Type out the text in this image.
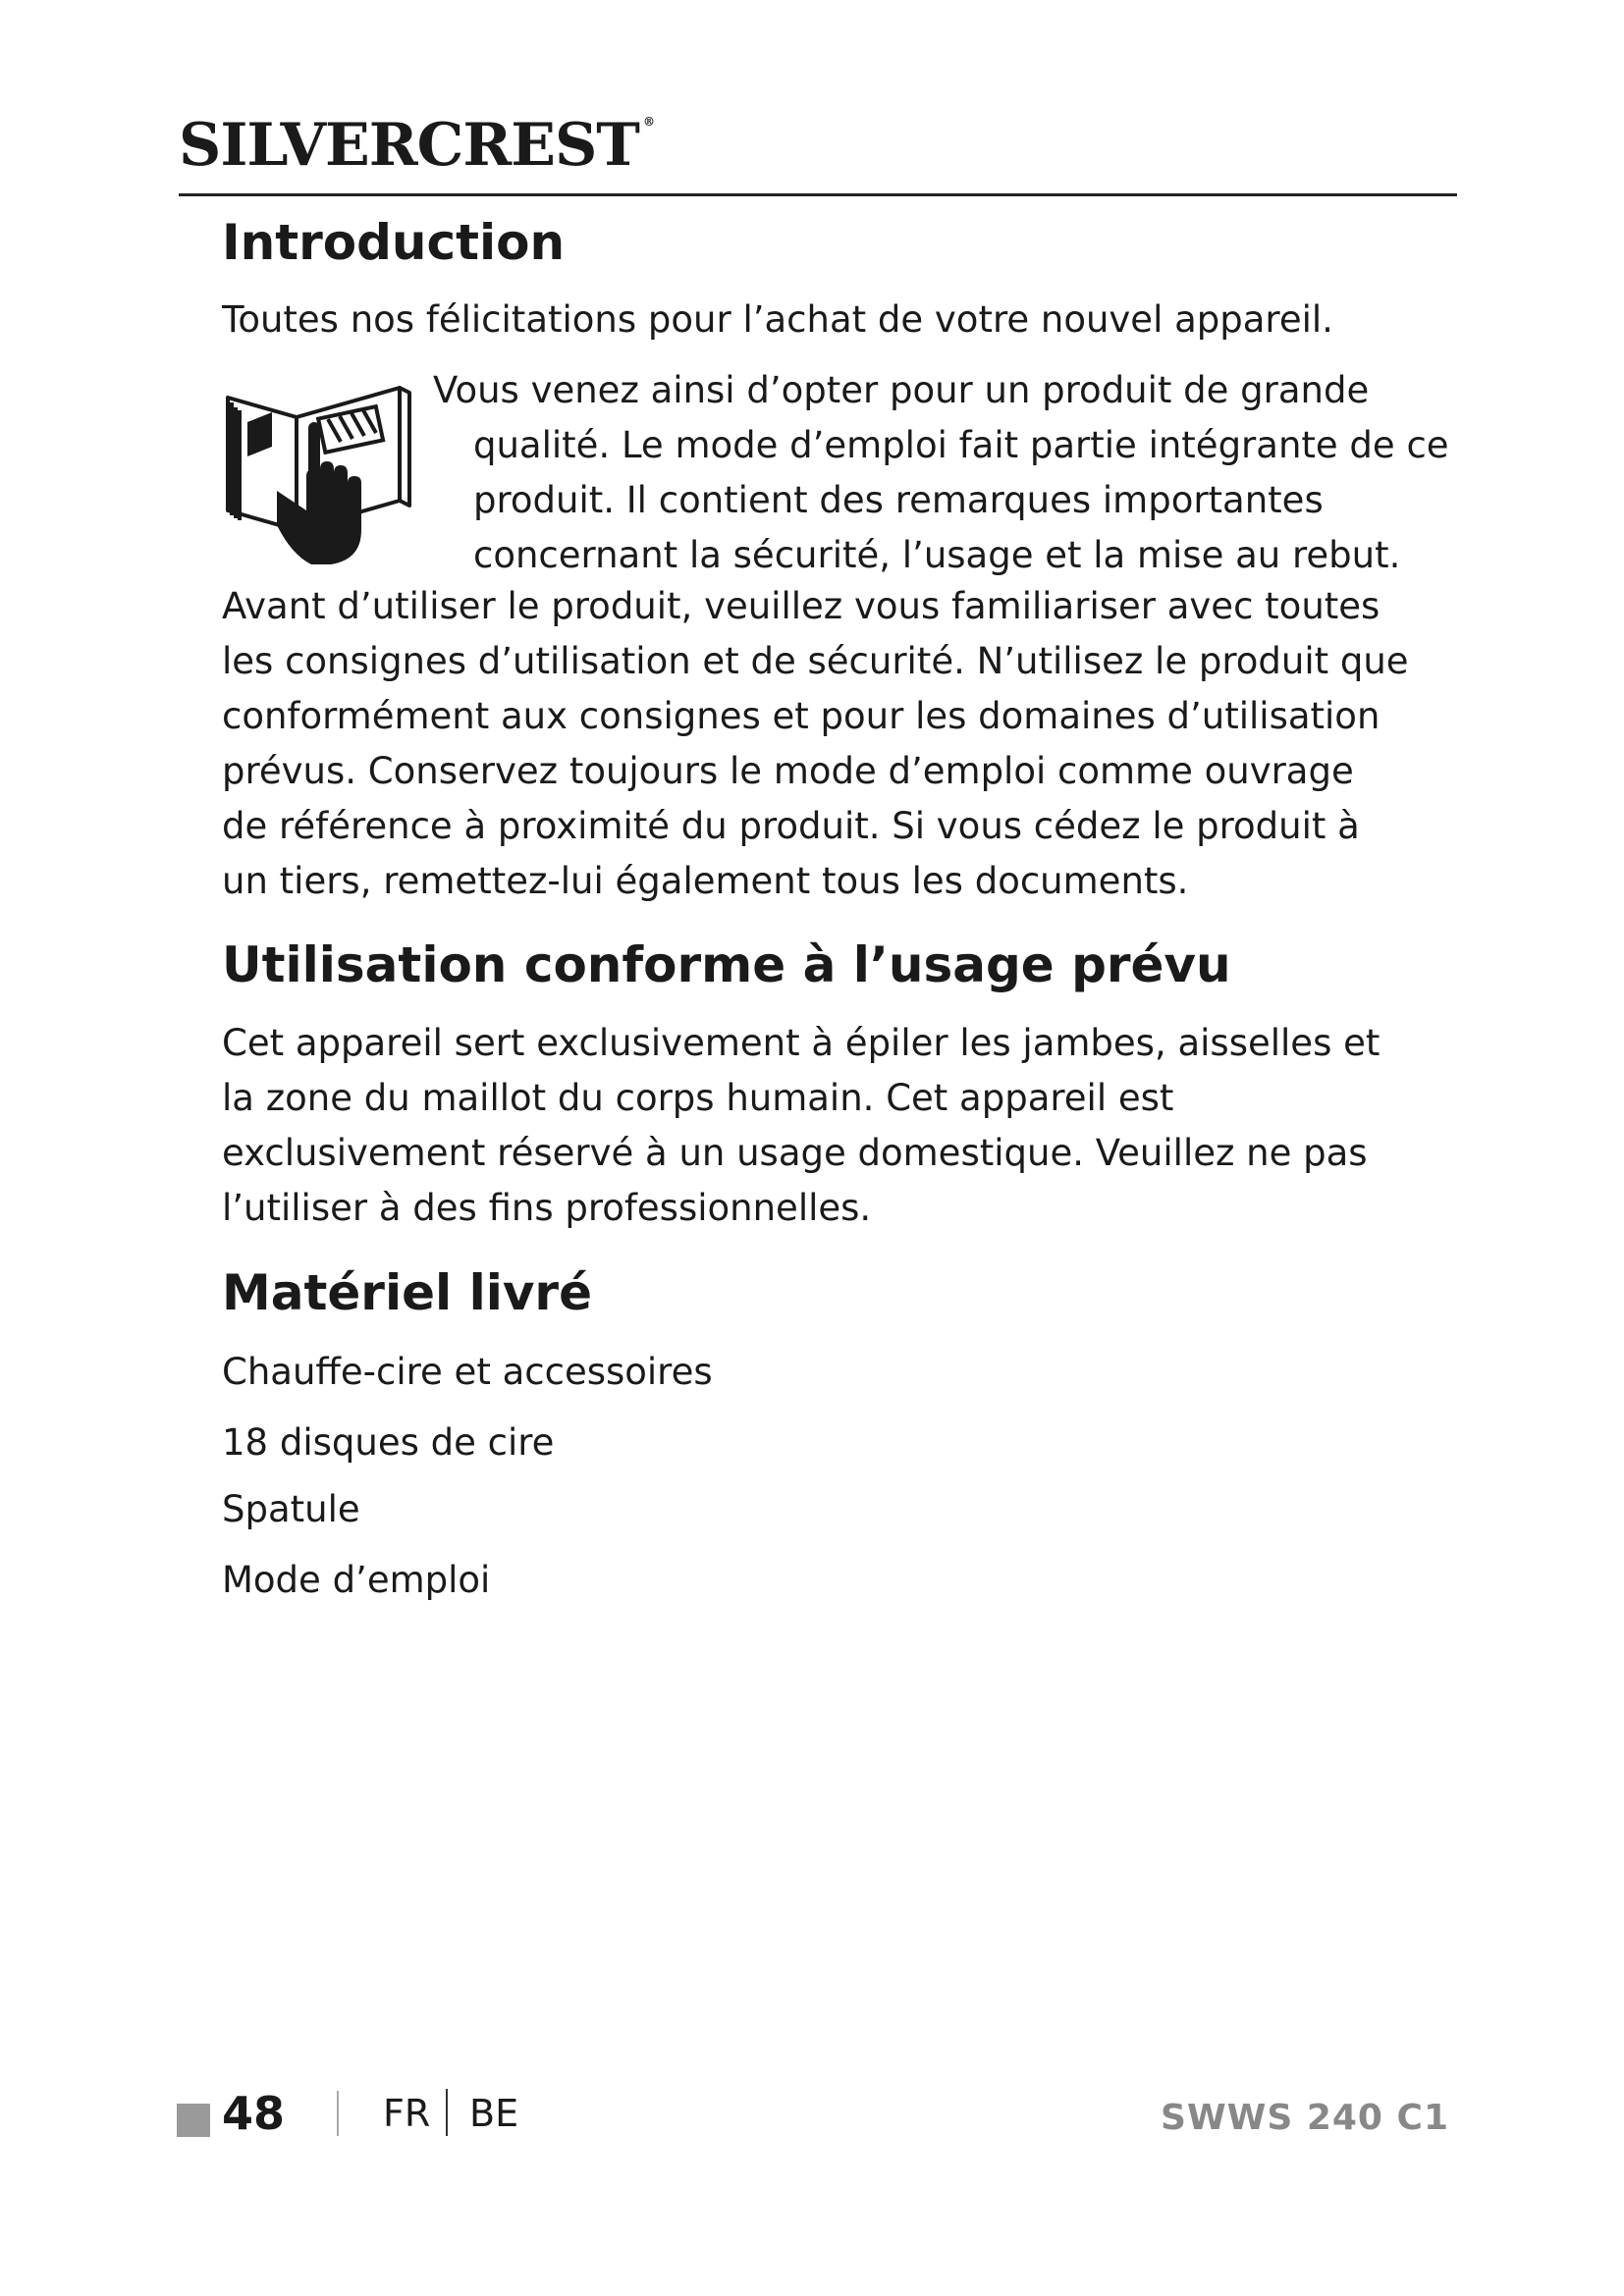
SILVERCREST ®
Introduction
Toutes nos félicitations pour l’achat de votre nouvel appareil.
Vous venez ainsi d’opter pour un produit de grande
qualité. Le mode d’emploi fait partie intégrante de ce
produit. Il contient des remarques importantes
concernant la sécurité, l’usage et la mise au rebut.

Avant d’utiliser le produit, veuillez vous familiariser avec toutes les consignes d’utilisation et de sécurité. N’utilisez le produit que conformément aux consignes et pour les domaines d’utilisation prévus. Conservez toujours le mode d’emploi comme ouvrage de référence à proximité du produit. Si vous cédez le produit à un tiers, remettez-lui également tous les documents.

Utilisation conforme à l’usage prévu

Cet appareil sert exclusivement à épiler les jambes, aisselles et la zone du maillot du corps humain. Cet appareil est exclusivement réservé à un usage domestique. Veuillez ne pas l’utiliser à des fins professionnelles.

Matériel livré
Chauffe-cire et accessoires
18 disques de cire
Spatule
Mode d’emploi
48	FR BE	SWWS 240 C1
